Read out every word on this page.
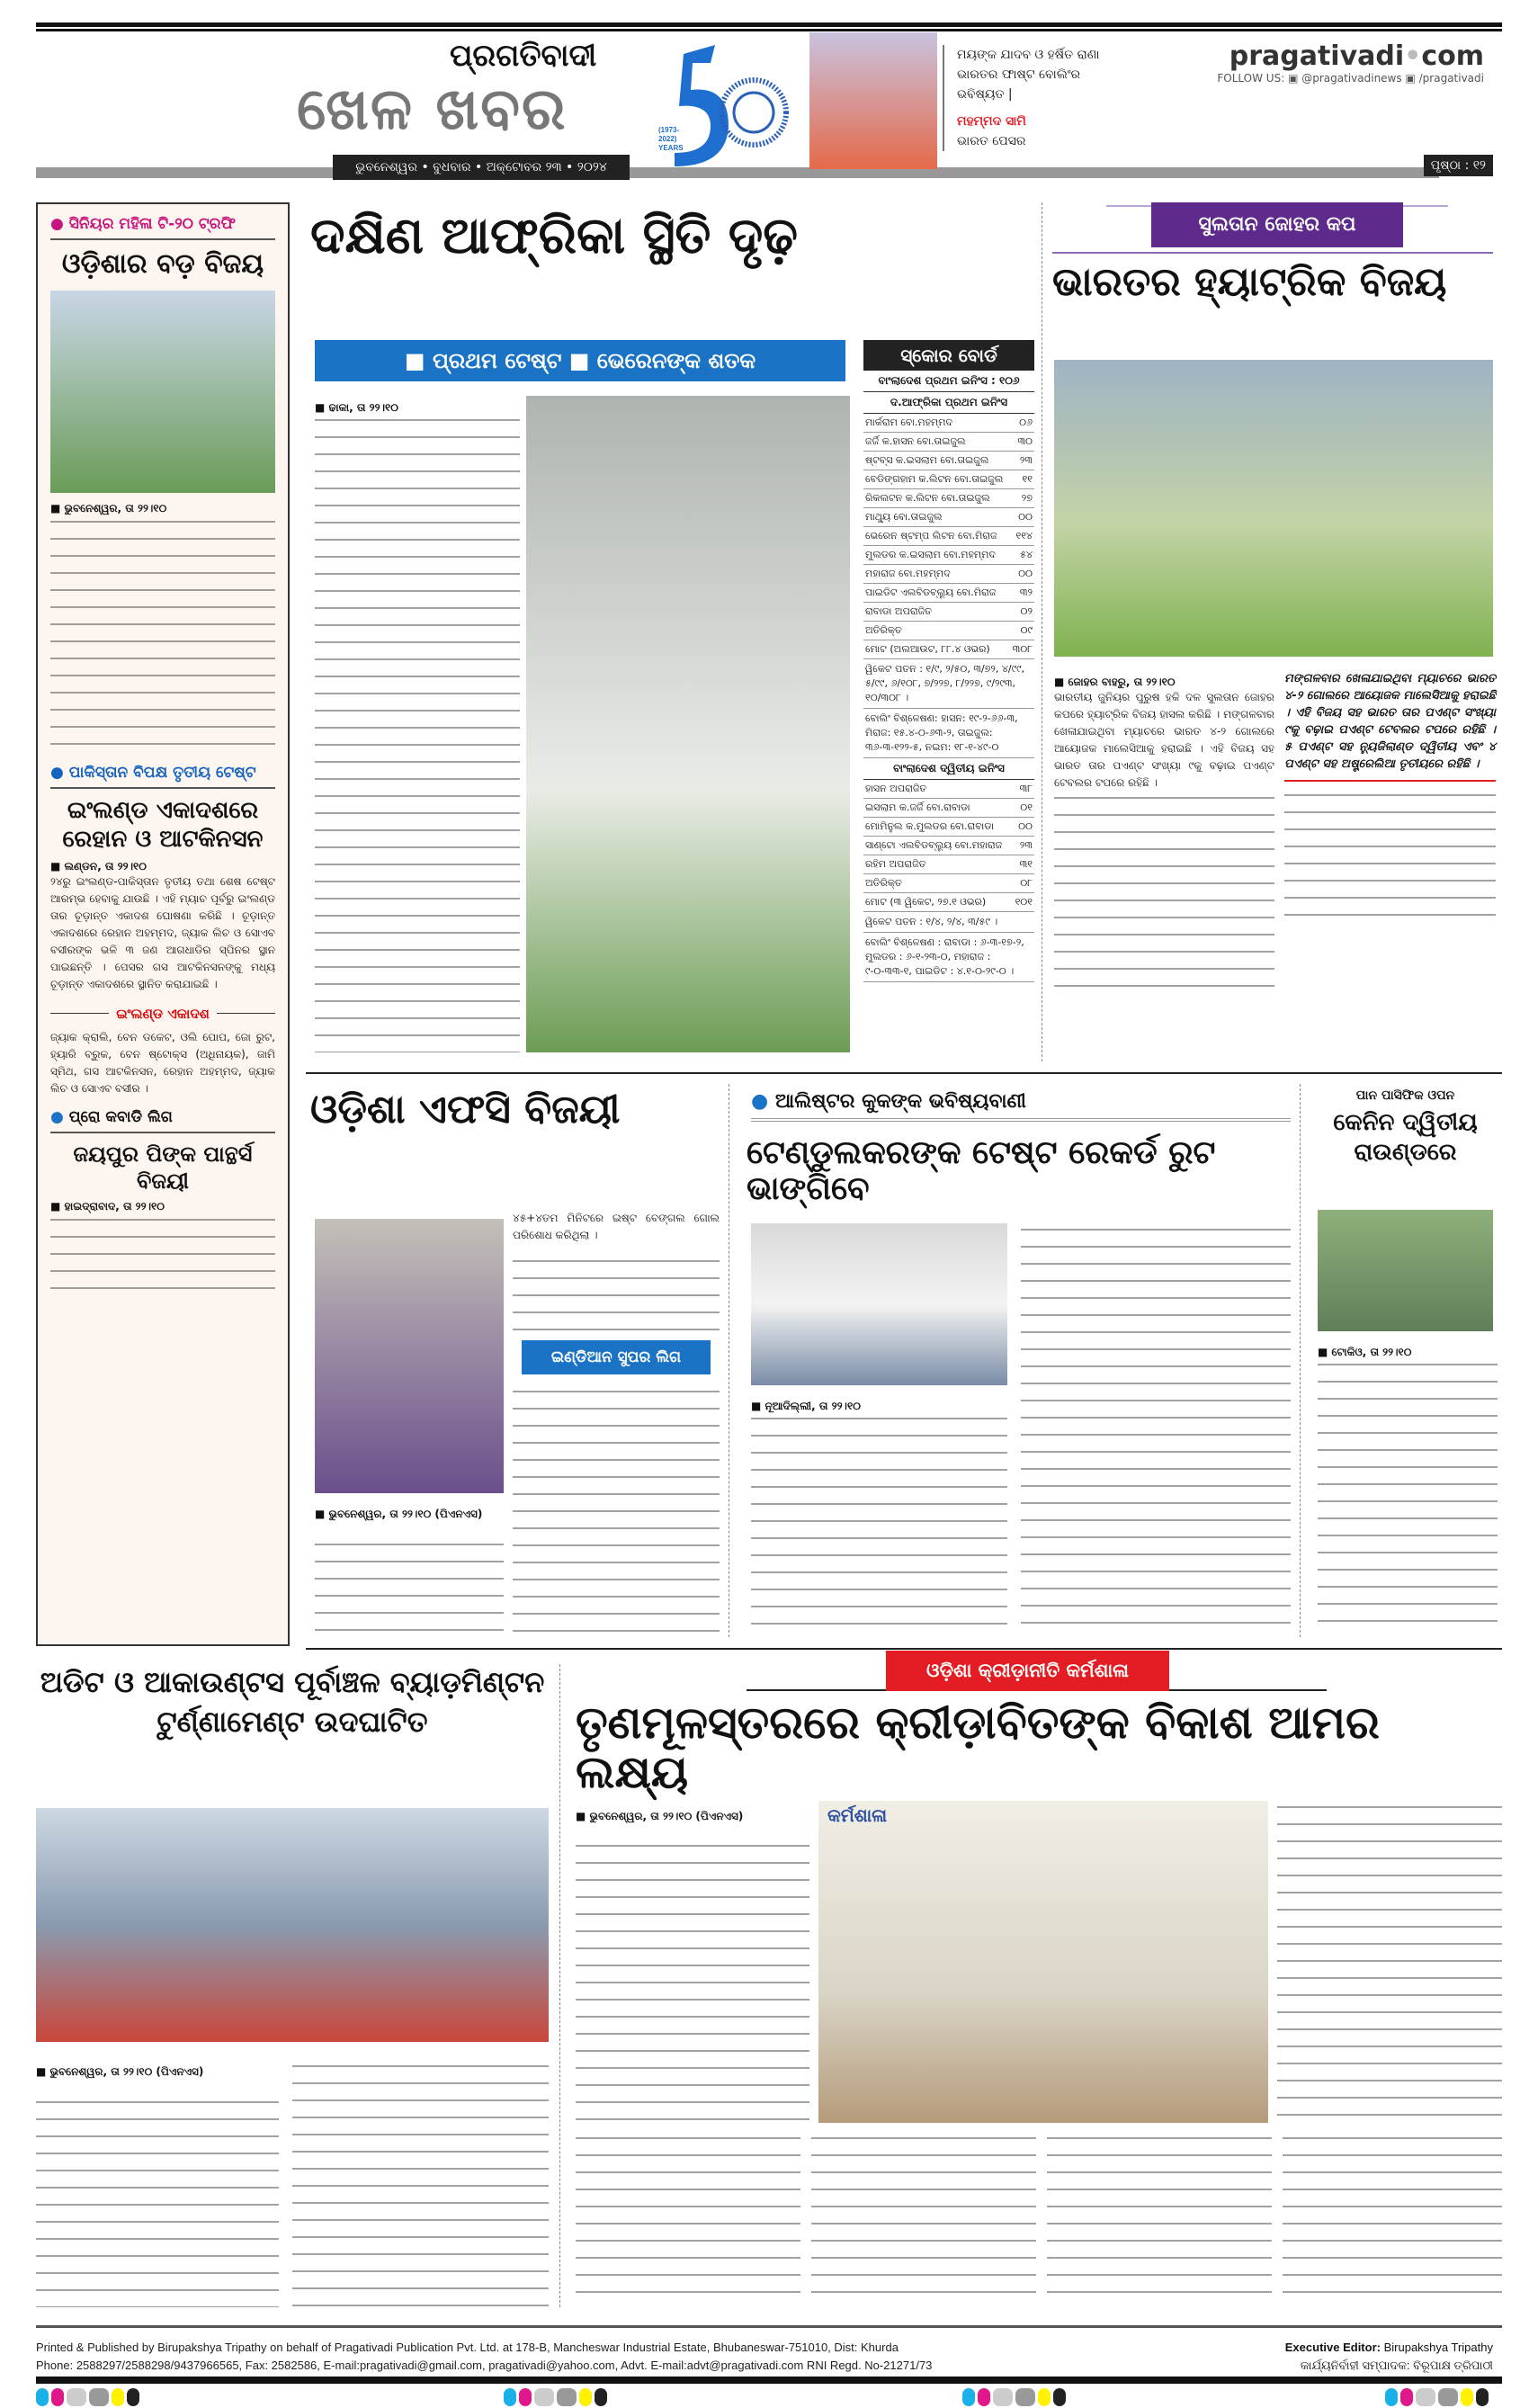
ପ୍ରଗତିବାଦୀ
ଖେଳ ଖବର
ଭୁବନେଶ୍ୱର • ବୁଧବାର • ଅକ୍ଟୋବର ୨୩ • ୨୦୨୪
(1973-2022) YEARS
ମୟଙ୍କ ଯାଦବ ଓ ହର୍ଷିତ ରାଣା ଭାରତର ଫାଷ୍ଟ ବୋଲିଂର ଭବିଷ୍ୟତ |
ମହମ୍ମଦ ସାମି
ଭାରତ ପେସର
pragativadi•com
FOLLOW US: ▣ @pragativadinews ▣ /pragativadi
ପୃଷ୍ଠା : ୧୨
● ସିନିୟର ମହିଳା ଟି-୨୦ ଟ୍ରଫି
ଓଡ଼ିଶାର ବଡ଼ ବିଜୟ
■ ଭୁବନେଶ୍ୱର, ତା ୨୨।୧୦
● ପାକିସ୍ତାନ ବିପକ୍ଷ ତୃତୀୟ ଟେଷ୍ଟ
ଇଂଲଣ୍ଡ ଏକାଦଶରେ ରେହାନ ଓ ଆଟକିନସନ
■ ଲଣ୍ଡନ, ତା ୨୨।୧୦
୨୪ରୁ ଇଂଲଣ୍ଡ-ପାକିସ୍ତାନ ତୃତୀୟ ତଥା ଶେଷ ଟେଷ୍ଟ ଆରମ୍ଭ ହେବାକୁ ଯାଉଛି । ଏହି ମ୍ୟାଚ ପୂର୍ବରୁ ଇଂଲଣ୍ଡ ତାର ଚୂଡ଼ାନ୍ତ ଏକାଦଶ ଘୋଷଣା କରିଛି । ଚୂଡ଼ାନ୍ତ ଏକାଦଶରେ ରେହାନ ଅହମ୍ମଦ, ଜ୍ୟାକ ଲିଚ ଓ ସୋଏବ ବସୀରଙ୍କ ଭଳି ୩ ଜଣ ଆଗଧାଡିର ସ୍ପିନର ସ୍ଥାନ ପାଇଛନ୍ତି । ପେସର ଗସ ଆଟକିନସନଙ୍କୁ ମଧ୍ୟ ଚୂଡ଼ାନ୍ତ ଏକାଦଶରେ ସ୍ଥାନିତ କରାଯାଇଛି ।
ଇଂଲଣ୍ଡ ଏକାଦଶ
ଜ୍ୟାକ କ୍ରାଲି, ବେନ ଡକେଟ, ଓଲି ପୋପ, ଜୋ ରୁଟ, ହ୍ୟାରି ବ୍ରୁକ, ବେନ ଷ୍ଟୋକ୍ସ (ଅଧିନାୟକ), ଜାମି ସ୍ମିଥ, ଗସ ଆଟକିନସନ, ରେହାନ ଅହମ୍ମଦ, ଜ୍ୟାକ ଲିଚ ଓ ସୋଏବ ବସୀର ।
● ପ୍ରୋ କବାଡି ଲିଗ
ଜୟପୁର ପିଙ୍କ ପାନ୍ଥର୍ସ ବିଜୟୀ
■ ହାଇଦ୍ରାବାଦ, ତା ୨୨।୧୦
ଦକ୍ଷିଣ ଆଫ୍ରିକା ସ୍ଥିତି ଦୃଢ଼
■ ପ୍ରଥମ ଟେଷ୍ଟ ■ ଭେରେନଙ୍କ ଶତକ
■ ଢାକା, ତା ୨୨।୧୦
ସ୍କୋର ବୋର୍ଡ
ବାଂଲାଦେଶ ପ୍ରଥମ ଇନିଂସ : ୧୦୬
ଦ.ଆଫ୍ରିକା ପ୍ରଥମ ଇନିଂସ
ମାର୍କରାମ ବୋ.ମହମ୍ମଦ	୦୬
ଜର୍ଜି କ.ହାସନ ବୋ.ତାଇଜୁଲ	୩୦
ଷ୍ଟବ୍ସ କ.ଇସଲାମ ବୋ.ତାଇଜୁଲ	୨୩
ବେଡିଙ୍ଗହାମ କ.ଲିଟନ ବୋ.ତାଇଜୁଲ ୧୧
ରିକଲଟନ କ.ଲିଟନ ବୋ.ତାଇଜୁଲ	୨୭
ମାଥ୍ୟୁ ବୋ.ତାଇଜୁଲ	୦୦
ଭେରେନ ଷ୍ଟମ୍ପ ଲିଟନ ବୋ.ମିରାଜ ୧୧୪
ମୁଲଡର କ.ଇସଲାମ ବୋ.ମହମ୍ମଦ ୫୪
ମହାରାଜ ବୋ.ମହମ୍ମଦ	୦୦
ପାଇଡିଟ ଏଲବିଡବ୍ଲ୍ୟୁ ବୋ.ମିରାଜ ୩୨
ରାବାଡା ଅପରାଜିତ	୦୨
ଅତିରିକ୍ତ	୦୯
ମୋଟ (ଅଲଆଉଟ, ୮୮.୪ ଓଭର) ୩୦୮
ୱିକେଟ ପତନ : ୧/୯, ୨/୫୦, ୩/୭୨, ୪/୯୯, ୫/୯୯, ୬/୧୦୮, ୭/୨୨୭, ୮/୨୨୭, ୯/୨୯୩, ୧୦/୩୦୮ ।
ବୋଲିଂ ବିଶ୍ଳେଷଣ: ହାସନ: ୧୯-୨-୬୬-୩, ମିରାଜ: ୧୫.୪-୦-୬୩-୨, ତାଇଜୁଲ: ୩୬-୩-୧୨୨-୫, ନଇମ: ୧୮-୧-୪୯-୦
ବାଂଲାଦେଶ ଦ୍ୱିତୀୟ ଇନିଂସ
ହାସନ ଅପରାଜିତ	୩୮
ଇସଲାମ କ.ଜର୍ଜି ବୋ.ରାବାଡା	୦୧
ମୋମିନୁଲ କ.ମୁଲଡର ବୋ.ରାବାଡା ୦୦
ସାଣ୍ଟୋ ଏଲବିଡବ୍ଲ୍ୟୁ ବୋ.ମହାରାଜ ୨୩
ରହିମ ଅପରାଜିତ	୩୧
ଅତିରିକ୍ତ	୦୮
ମୋଟ (୩ ୱିକେଟ, ୨୭.୧ ଓଭର)	୧୦୧
ୱିକେଟ ପତନ : ୧/୪, ୨/୪, ୩/୫୯ ।
ବୋଲିଂ ବିଶ୍ଳେଷଣ : ରାବାଡା : ୬-୩-୧୭-୨, ମୁଲଡର : ୬-୧-୨୩-୦, ମହାରାଜ : ୯-୦-୩୩-୧, ପାଇଡିଟ : ୪.୧-୦-୨୯-୦ ।
ସୁଲତାନ ଜୋହର କପ
ଭାରତର ହ୍ୟାଟ୍ରିକ ବିଜୟ
■ ଜୋହର ବାହରୁ, ତା ୨୨।୧୦
ଭାରତୀୟ ଜୁନିୟର ପୁରୁଷ ହକି ଦଳ ସୁଲତାନ ଜୋହର କପରେ ହ୍ୟାଟ୍ରିକ ବିଜୟ ହାସଲ କରିଛି । ମଙ୍ଗଳବାର ଖେଳାଯାଇଥିବା ମ୍ୟାଚରେ ଭାରତ ୪-୨ ଗୋଲରେ ଆୟୋଜକ ମାଲେସିଆକୁ ହରାଇଛି । ଏହି ବିଜୟ ସହ ଭାରତ ତାର ପଏଣ୍ଟ ସଂଖ୍ୟା ୯କୁ ବଢ଼ାଇ ପଏଣ୍ଟ ଟେବଲର ଟପରେ ରହିଛି ।
ମଙ୍ଗଳବାର ଖେଳାଯାଇଥିବା ମ୍ୟାଚରେ ଭାରତ ୪-୨ ଗୋଲରେ ଆୟୋଜକ ମାଲେସିଆକୁ ହରାଇଛି । ଏହି ବିଜୟ ସହ ଭାରତ ତାର ପଏଣ୍ଟ ସଂଖ୍ୟା ୯କୁ ବଢ଼ାଇ ପଏଣ୍ଟ ଟେବଲର ଟପରେ ରହିଛି । ୫ ପଏଣ୍ଟ ସହ ନ୍ୟୁଜିଲାଣ୍ଡ ଦ୍ୱିତୀୟ ଏବଂ ୪ ପଏଣ୍ଟ ସହ ଅଷ୍ଟ୍ରେଲିଆ ତୃତୀୟରେ ରହିଛି ।
ଓଡ଼ିଶା ଏଫସି ବିଜୟୀ
୪୫+୪ତମ ମିନିଟରେ ଇଷ୍ଟ ବେଙ୍ଗଲ ଗୋଲ ପରିଶୋଧ କରିଥିଲା ।
ଇଣ୍ଡିଆନ ସୁପର ଲିଗ
■ ଭୁବନେଶ୍ୱର, ତା ୨୨।୧୦ (ପିଏନଏସ)
● ଆଲିଷ୍ଟର କୁକଙ୍କ ଭବିଷ୍ୟବାଣୀ
ଟେଣ୍ଡୁଲକରଙ୍କ ଟେଷ୍ଟ ରେକର୍ଡ ରୁଟ ଭାଙ୍ଗିବେ
■ ନୂଆଦିଲ୍ଲୀ, ତା ୨୨।୧୦
ପାନ ପାସିଫିକ ଓପନ
କେନିନ ଦ୍ୱିତୀୟ ରାଉଣ୍ଡରେ
■ ଟୋକିଓ, ତା ୨୨।୧୦
ଅଡିଟ ଓ ଆକାଉଣ୍ଟସ ପୂର୍ବାଞ୍ଚଳ ବ୍ୟାଡ଼ମିଣ୍ଟନ ଟୁର୍ଣ୍ଣାମେଣ୍ଟ ଉଦଘାଟିତ
■ ଭୁବନେଶ୍ୱର, ତା ୨୨।୧୦ (ପିଏନଏସ)
ଓଡ଼ିଶା କ୍ରୀଡ଼ାନୀତି କର୍ମଶାଳା
ତୃଣମୂଳସ୍ତରରେ କ୍ରୀଡ଼ାବିତଙ୍କ ବିକାଶ ଆମର ଲକ୍ଷ୍ୟ
■ ଭୁବନେଶ୍ୱର, ତା ୨୨।୧୦ (ପିଏନଏସ)	କର୍ମଶାଳା
Printed & Published by Birupakshya Tripathy on behalf of Pragativadi Publication Pvt. Ltd. at 178-B, Mancheswar Industrial Estate, Bhubaneswar-751010, Dist: Khurda
Phone: 2588297/2588298/9437966565, Fax: 2582586, E-mail:pragativadi@gmail.com, pragativadi@yahoo.com, Advt. E-mail:advt@pragativadi.com RNI Regd. No-21271/73
Executive Editor: Birupakshya Tripathy
କାର୍ଯ୍ୟନିର୍ବାହୀ ସମ୍ପାଦକ: ବିରୂପାକ୍ଷ ତ୍ରିପାଠୀ
